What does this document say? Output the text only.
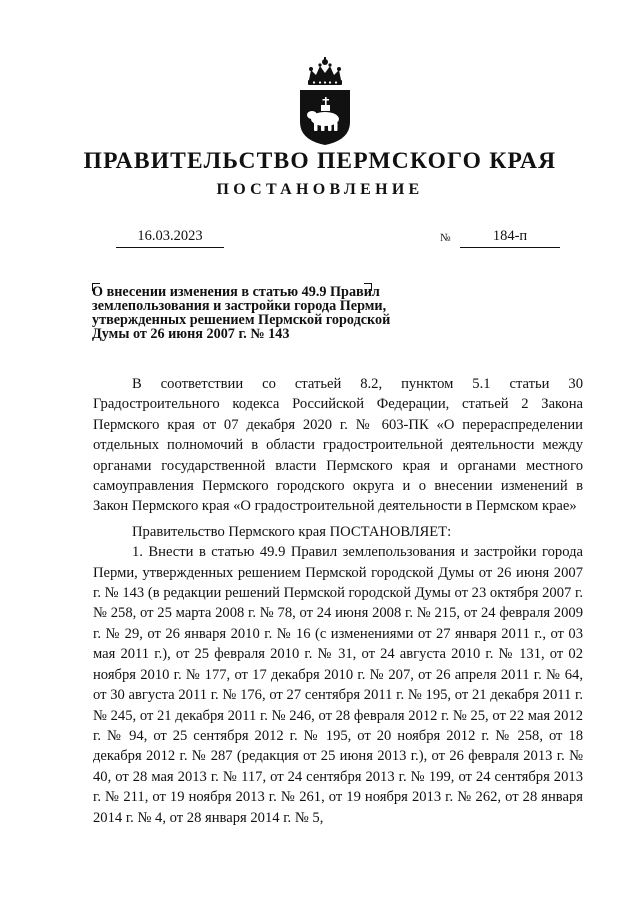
ПРАВИТЕЛЬСТВО ПЕРМСКОГО КРАЯ
ПОСТАНОВЛЕНИЕ
16.03.2023	№	184-п
О внесении изменения в статью 49.9 Правил
землепользования и застройки города Перми,
утвержденных решением Пермской городской
Думы от 26 июня 2007 г. № 143

В соответствии со статьей 8.2, пунктом 5.1 статьи 30 Градостроительного кодекса Российской Федерации, статьей 2 Закона Пермского края от 07 декабря 2020 г. № 603-ПК «О перераспределении отдельных полномочий в области градостроительной деятельности между органами государственной власти Пермского края и органами местного самоуправления Пермского городского округа и о внесении изменений в Закон Пермского края «О градостроительной деятельности в Пермском крае»

Правительство Пермского края ПОСТАНОВЛЯЕТ:

1. Внести в статью 49.9 Правил землепользования и застройки города Перми, утвержденных решением Пермской городской Думы от 26 июня 2007 г. № 143 (в редакции решений Пермской городской Думы от 23 октября 2007 г. № 258, от 25 марта 2008 г. № 78, от 24 июня 2008 г. № 215, от 24 февраля 2009 г. № 29, от 26 января 2010 г. № 16 (с изменениями от 27 января 2011 г., от 03 мая 2011 г.), от 25 февраля 2010 г. № 31, от 24 августа 2010 г. № 131, от 02 ноября 2010 г. № 177, от 17 декабря 2010 г. № 207, от 26 апреля 2011 г. № 64, от 30 августа 2011 г. № 176, от 27 сентября 2011 г. № 195, от 21 декабря 2011 г. № 245, от 21 декабря 2011 г. № 246, от 28 февраля 2012 г. № 25, от 22 мая 2012 г. № 94, от 25 сентября 2012 г. № 195, от 20 ноября 2012 г. № 258, от 18 декабря 2012 г. № 287 (редакция от 25 июня 2013 г.), от 26 февраля 2013 г. № 40, от 28 мая 2013 г. № 117, от 24 сентября 2013 г. № 199, от 24 сентября 2013 г. № 211, от 19 ноября 2013 г. № 261, от 19 ноября 2013 г. № 262, от 28 января 2014 г. № 4, от 28 января 2014 г. № 5,
